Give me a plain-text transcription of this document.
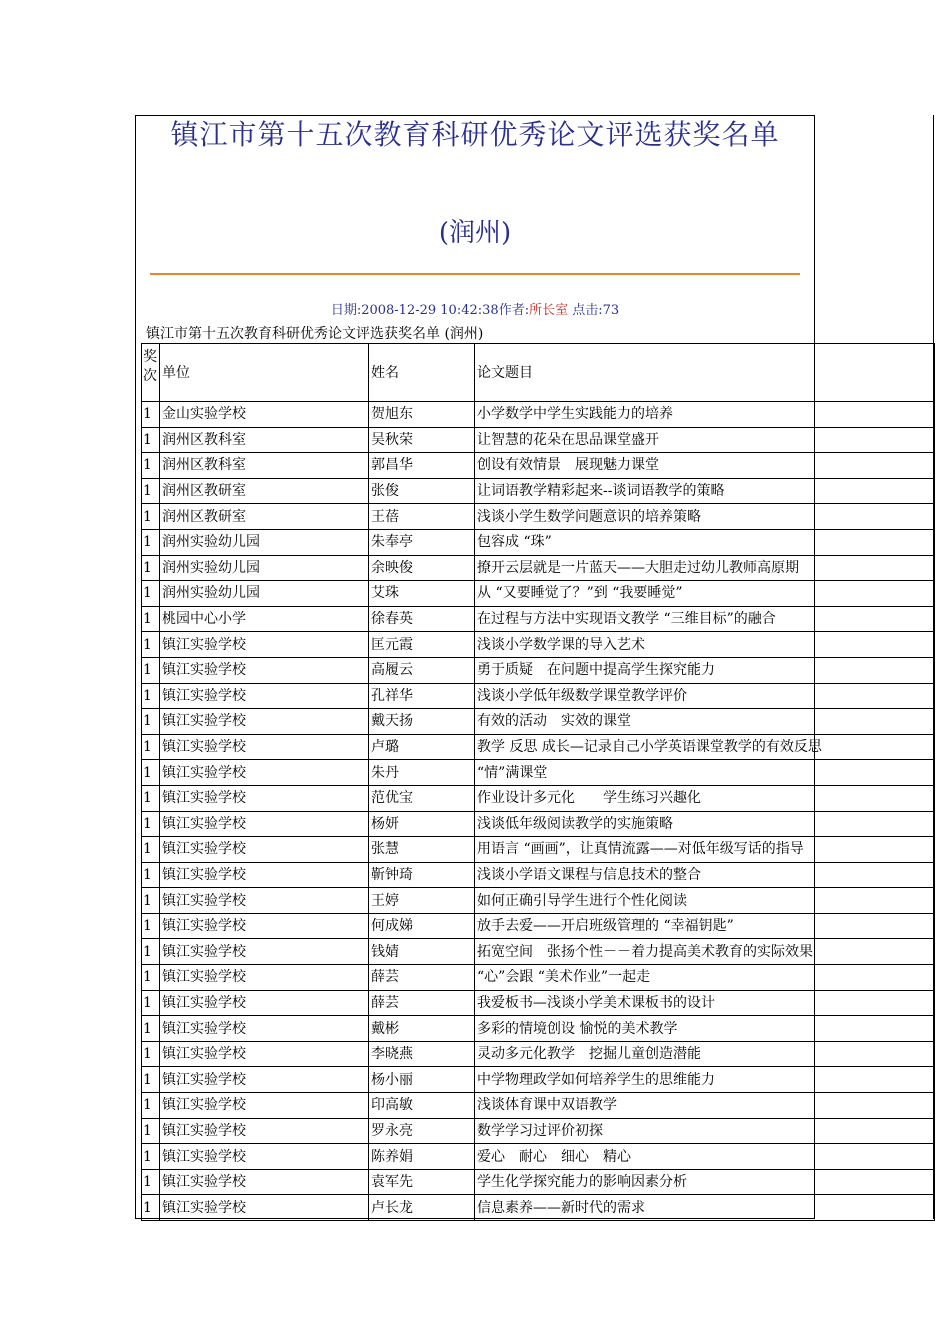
镇江市第十五次教育科研优秀论文评选获奖名单
(润州)
日期:2008-12-29 10:42:38作者:所长室 点击:73
镇江市第十五次教育科研优秀论文评选获奖名单 (润州)
奖次	单位	姓名	论文题目
1	金山实验学校	贺旭东	小学数学中学生实践能力的培养
1	润州区教科室	吴秋荣	让智慧的花朵在思品课堂盛开
1	润州区教科室	郭昌华	创设有效情景　展现魅力课堂
1	润州区教研室	张俊	让词语教学精彩起来--谈词语教学的策略
1	润州区教研室	王蓓	浅谈小学生数学问题意识的培养策略
1	润州实验幼儿园	朱奉亭	包容成 “珠”
1	润州实验幼儿园	余映俊	撩开云层就是一片蓝天——大胆走过幼儿教师高原期
1	润州实验幼儿园	艾珠	从 “又要睡觉了？”到 “我要睡觉”
1	桃园中心小学	徐春英	在过程与方法中实现语文教学 “三维目标”的融合
1	镇江实验学校	匡元霞	浅谈小学数学课的导入艺术
1	镇江实验学校	高履云	勇于质疑　在问题中提高学生探究能力
1	镇江实验学校	孔祥华	浅谈小学低年级数学课堂教学评价
1	镇江实验学校	戴天扬	有效的活动　实效的课堂
1	镇江实验学校	卢璐	教学 反思 成长—记录自己小学英语课堂教学的有效反思
1	镇江实验学校	朱丹	“情”满课堂
1	镇江实验学校	范优宝	作业设计多元化　　学生练习兴趣化
1	镇江实验学校	杨妍	浅谈低年级阅读教学的实施策略
1	镇江实验学校	张慧	用语言 “画画”，让真情流露——对低年级写话的指导
1	镇江实验学校	靳钟琦	浅谈小学语文课程与信息技术的整合
1	镇江实验学校	王婷	如何正确引导学生进行个性化阅读
1	镇江实验学校	何成娣	放手去爱——开启班级管理的 “幸福钥匙”
1	镇江实验学校	钱婧	拓宽空间　张扬个性－－着力提高美术教育的实际效果
1	镇江实验学校	薛芸	“心”会跟 “美术作业”一起走
1	镇江实验学校	薛芸	我爱板书—浅谈小学美术课板书的设计
1	镇江实验学校	戴彬	多彩的情境创设 愉悦的美术教学
1	镇江实验学校	李晓燕	灵动多元化教学　挖掘儿童创造潜能
1	镇江实验学校	杨小丽	中学物理政学如何培养学生的思维能力
1	镇江实验学校	印高敏	浅谈体育课中双语教学
1	镇江实验学校	罗永亮	数学学习过评价初探
1	镇江实验学校	陈养娟	爱心　耐心　细心　精心
1	镇江实验学校	袁军先	学生化学探究能力的影响因素分析
1	镇江实验学校	卢长龙	信息素养——新时代的需求
